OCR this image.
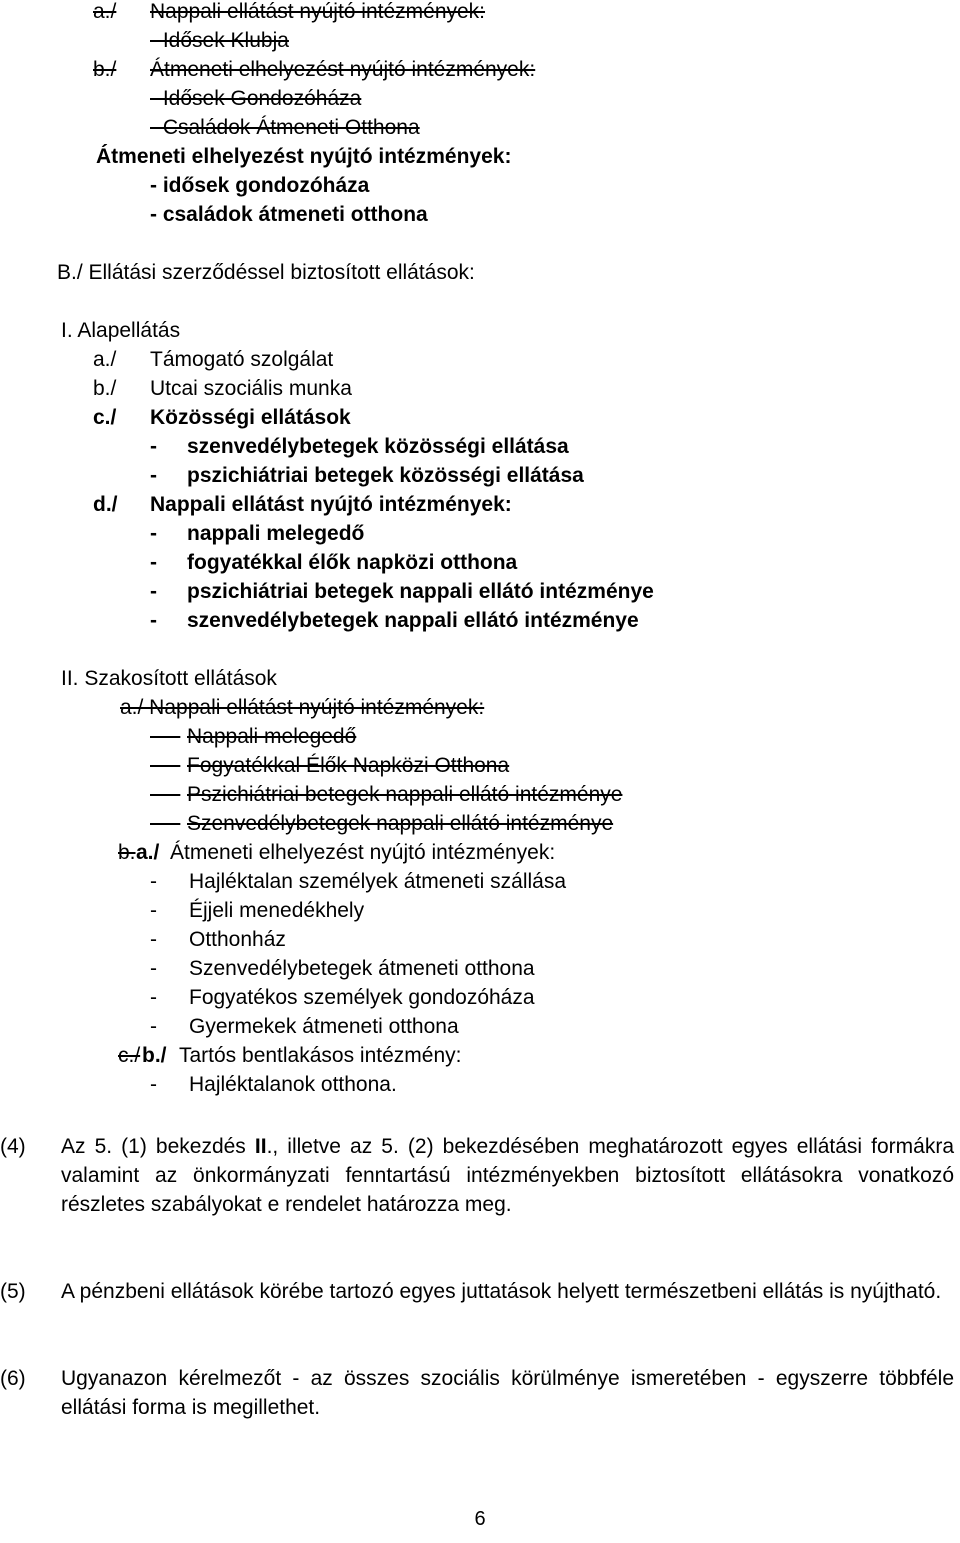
a./ Nappali ellátást nyújtó intézmények:
- Idősek Klubja
b./ Átmeneti elhelyezést nyújtó intézmények:
- Idősek Gondozóháza
- Családok Átmeneti Otthona
Átmeneti elhelyezést nyújtó intézmények:
- idősek gondozóháza
- családok átmeneti otthona
B./ Ellátási szerződéssel biztosított ellátások:
I. Alapellátás
a./ Támogató szolgálat
b./ Utcai szociális munka
c./ Közösségi ellátások
- szenvedélybetegek közösségi ellátása
- pszichiátriai betegek közösségi ellátása
d./ Nappali ellátást nyújtó intézmények:
- nappali melegedő
- fogyatékkal élők napközi otthona
- pszichiátriai betegek nappali ellátó intézménye
- szenvedélybetegek nappali ellátó intézménye
II. Szakosított ellátások
a./ Nappali ellátást nyújtó intézmények:
- Nappali melegedő
- Fogyatékkal Élők Napközi Otthona
- Pszichiátriai betegek nappali ellátó intézménye
- Szenvedélybetegek nappali ellátó intézménye
b. a./ Átmeneti elhelyezést nyújtó intézmények:
- Hajléktalan személyek átmeneti szállása
- Éjjeli menedékhely
- Otthonház
- Szenvedélybetegek átmeneti otthona
- Fogyatékos személyek gondozóháza
- Gyermekek átmeneti otthona
c./ b./ Tartós bentlakásos intézmény:
- Hajléktalanok otthona.
(4) Az 5. (1) bekezdés II., illetve az 5. (2) bekezdésében meghatározott egyes ellátási formákra valamint az önkormányzati fenntartású intézményekben biztosított ellátásokra vonatkozó részletes szabályokat e rendelet határozza meg.
(5) A pénzbeni ellátások körébe tartozó egyes juttatások helyett természetbeni ellátás is nyújtható.
(6) Ugyanazon kérelmezőt - az összes szociális körülménye ismeretében - egyszerre többféle ellátási forma is megillethet.
6
